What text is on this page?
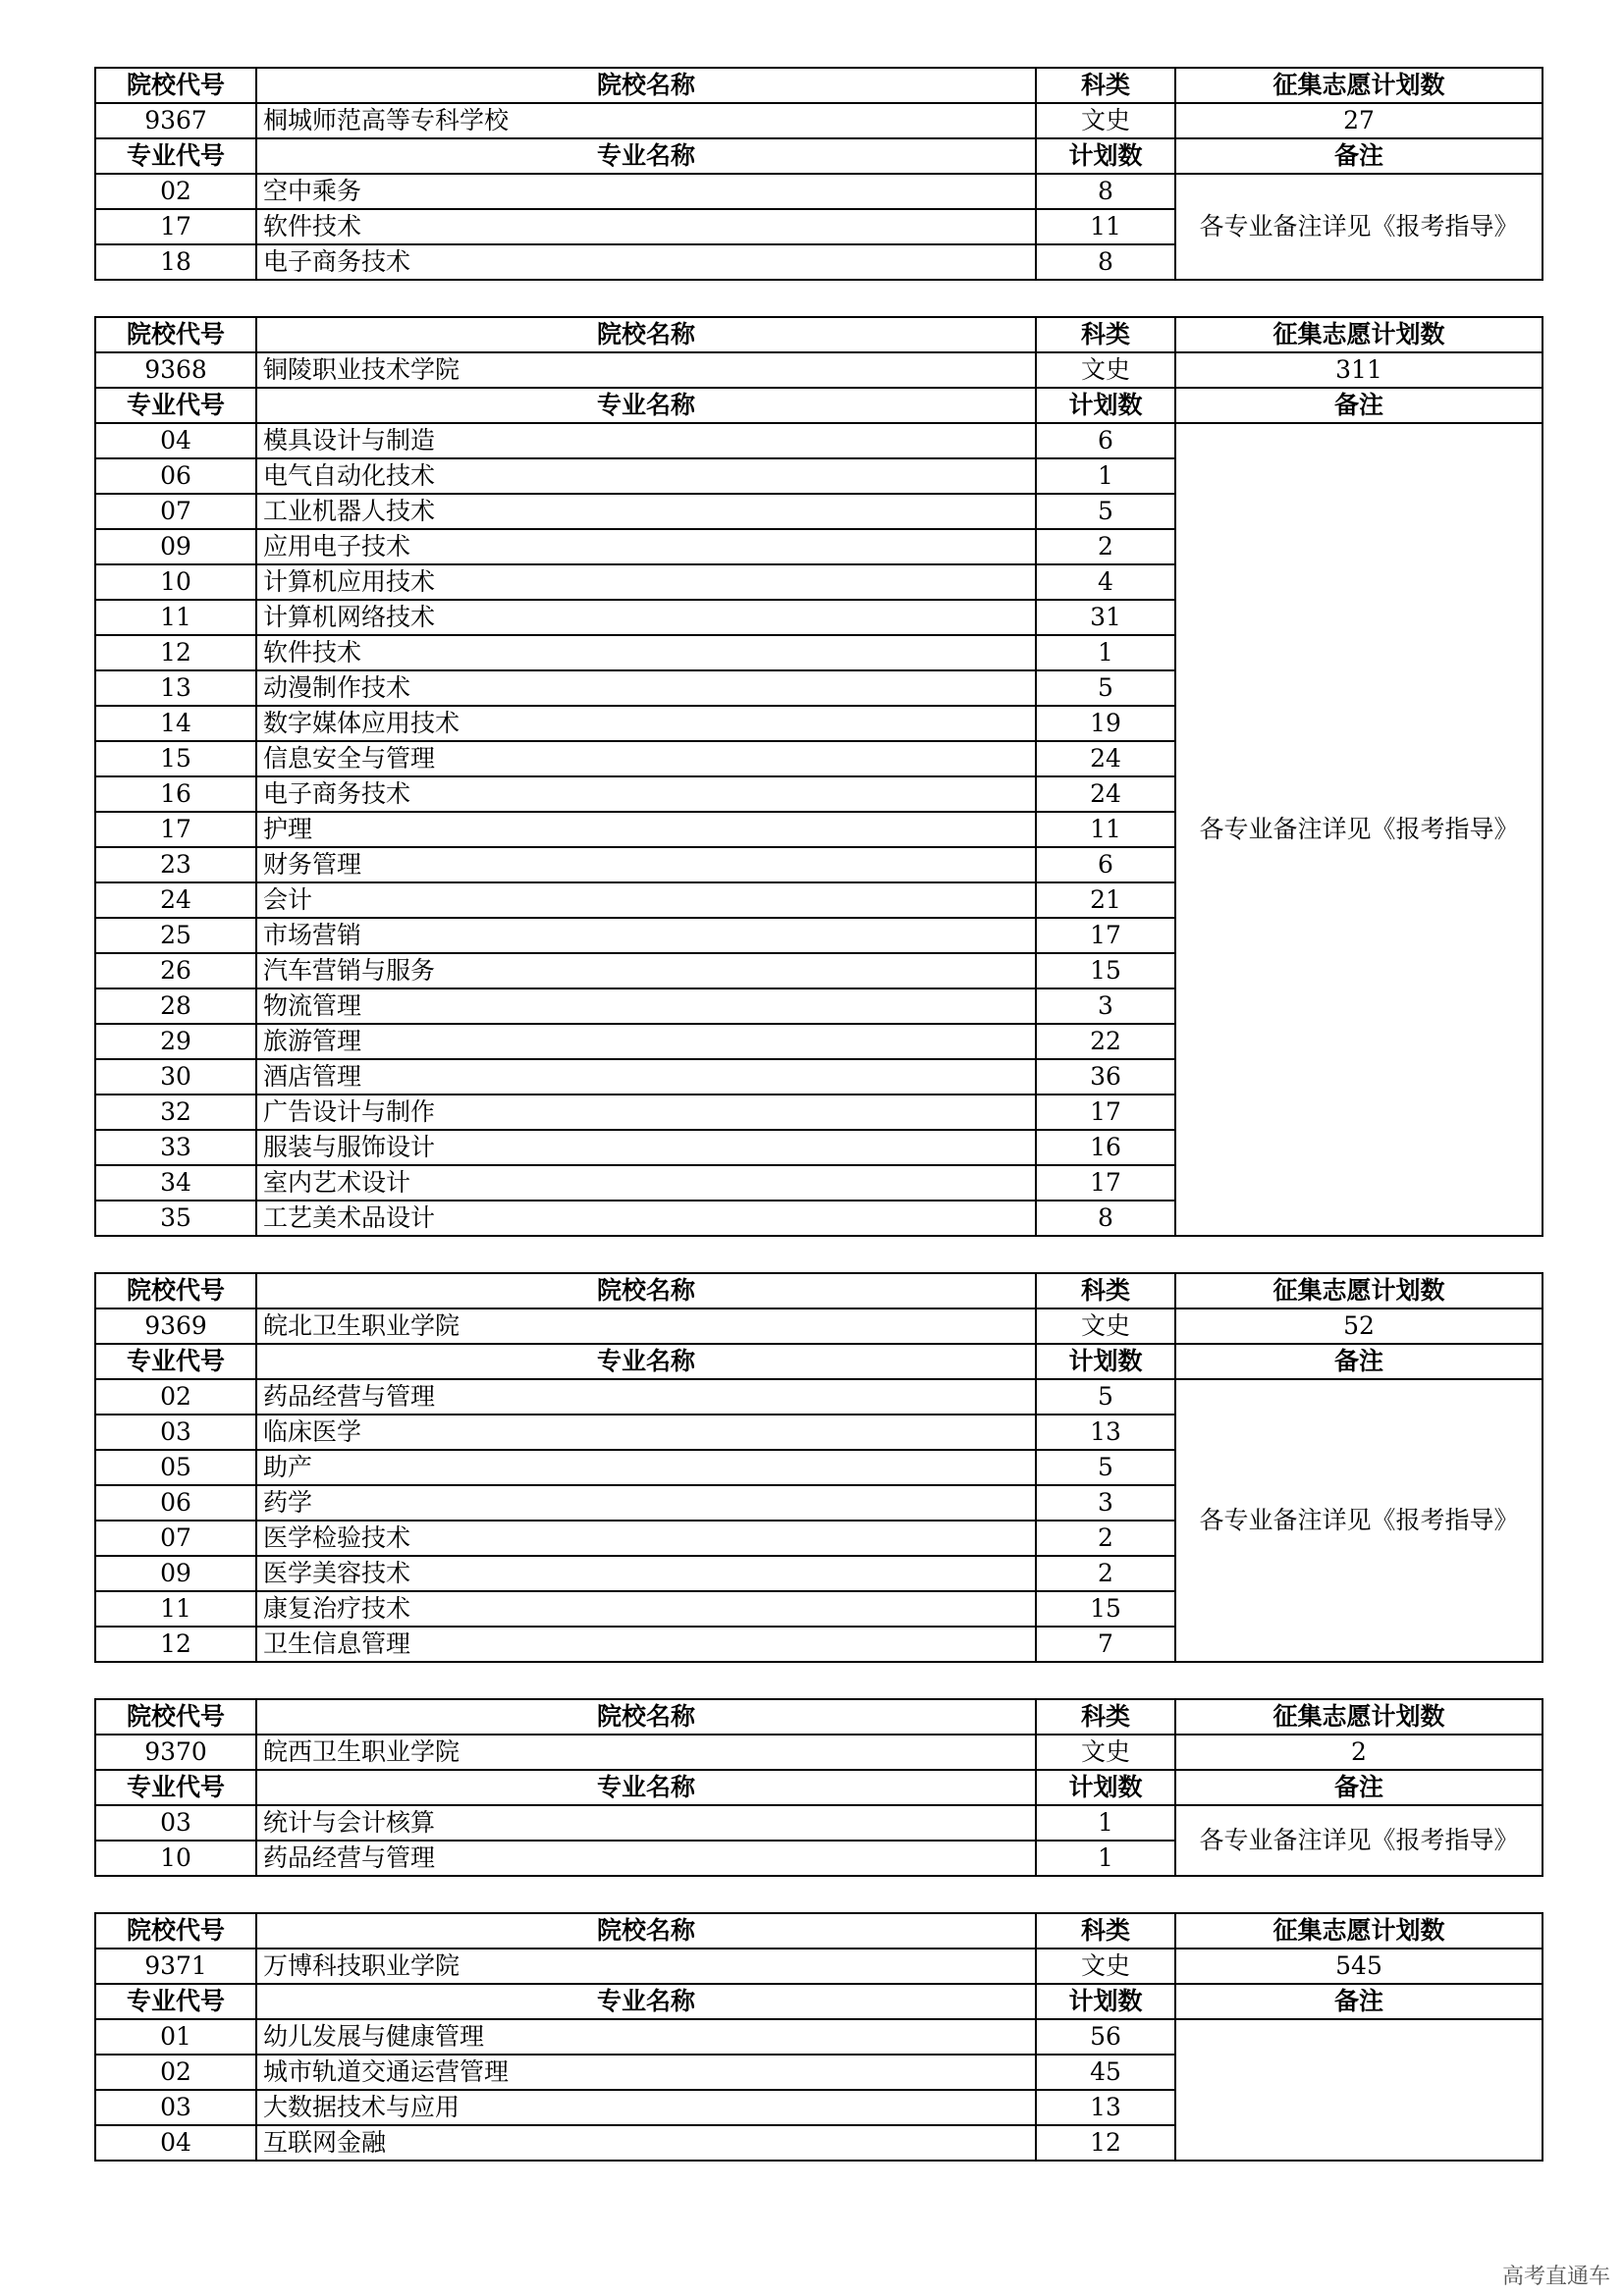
院校代号	院校名称	科类	征集志愿计划数
9367	桐城师范高等专科学校	文史	27
专业代号	专业名称	计划数	备注
02	空中乘务	8	各专业备注详见《报考指导》
17	软件技术	11	
18	电子商务技术	8	
院校代号	院校名称	科类	征集志愿计划数
9368	铜陵职业技术学院	文史	311
专业代号	专业名称	计划数	备注
04	模具设计与制造	6	各专业备注详见《报考指导》
06	电气自动化技术	1	
07	工业机器人技术	5	
09	应用电子技术	2	
10	计算机应用技术	4	
11	计算机网络技术	31	
12	软件技术	1	
13	动漫制作技术	5	
14	数字媒体应用技术	19	
15	信息安全与管理	24	
16	电子商务技术	24	
17	护理	11	
23	财务管理	6	
24	会计	21	
25	市场营销	17	
26	汽车营销与服务	15	
28	物流管理	3	
29	旅游管理	22	
30	酒店管理	36	
32	广告设计与制作	17	
33	服装与服饰设计	16	
34	室内艺术设计	17	
35	工艺美术品设计	8	
院校代号	院校名称	科类	征集志愿计划数
9369	皖北卫生职业学院	文史	52
专业代号	专业名称	计划数	备注
02	药品经营与管理	5	各专业备注详见《报考指导》
03	临床医学	13	
05	助产	5	
06	药学	3	
07	医学检验技术	2	
09	医学美容技术	2	
11	康复治疗技术	15	
12	卫生信息管理	7	
院校代号	院校名称	科类	征集志愿计划数
9370	皖西卫生职业学院	文史	2
专业代号	专业名称	计划数	备注
03	统计与会计核算	1	各专业备注详见《报考指导》
10	药品经营与管理	1	
院校代号	院校名称	科类	征集志愿计划数
9371	万博科技职业学院	文史	545
专业代号	专业名称	计划数	备注
01	幼儿发展与健康管理	56	
02	城市轨道交通运营管理	45	
03	大数据技术与应用	13	
04	互联网金融	12	
高考直通车
